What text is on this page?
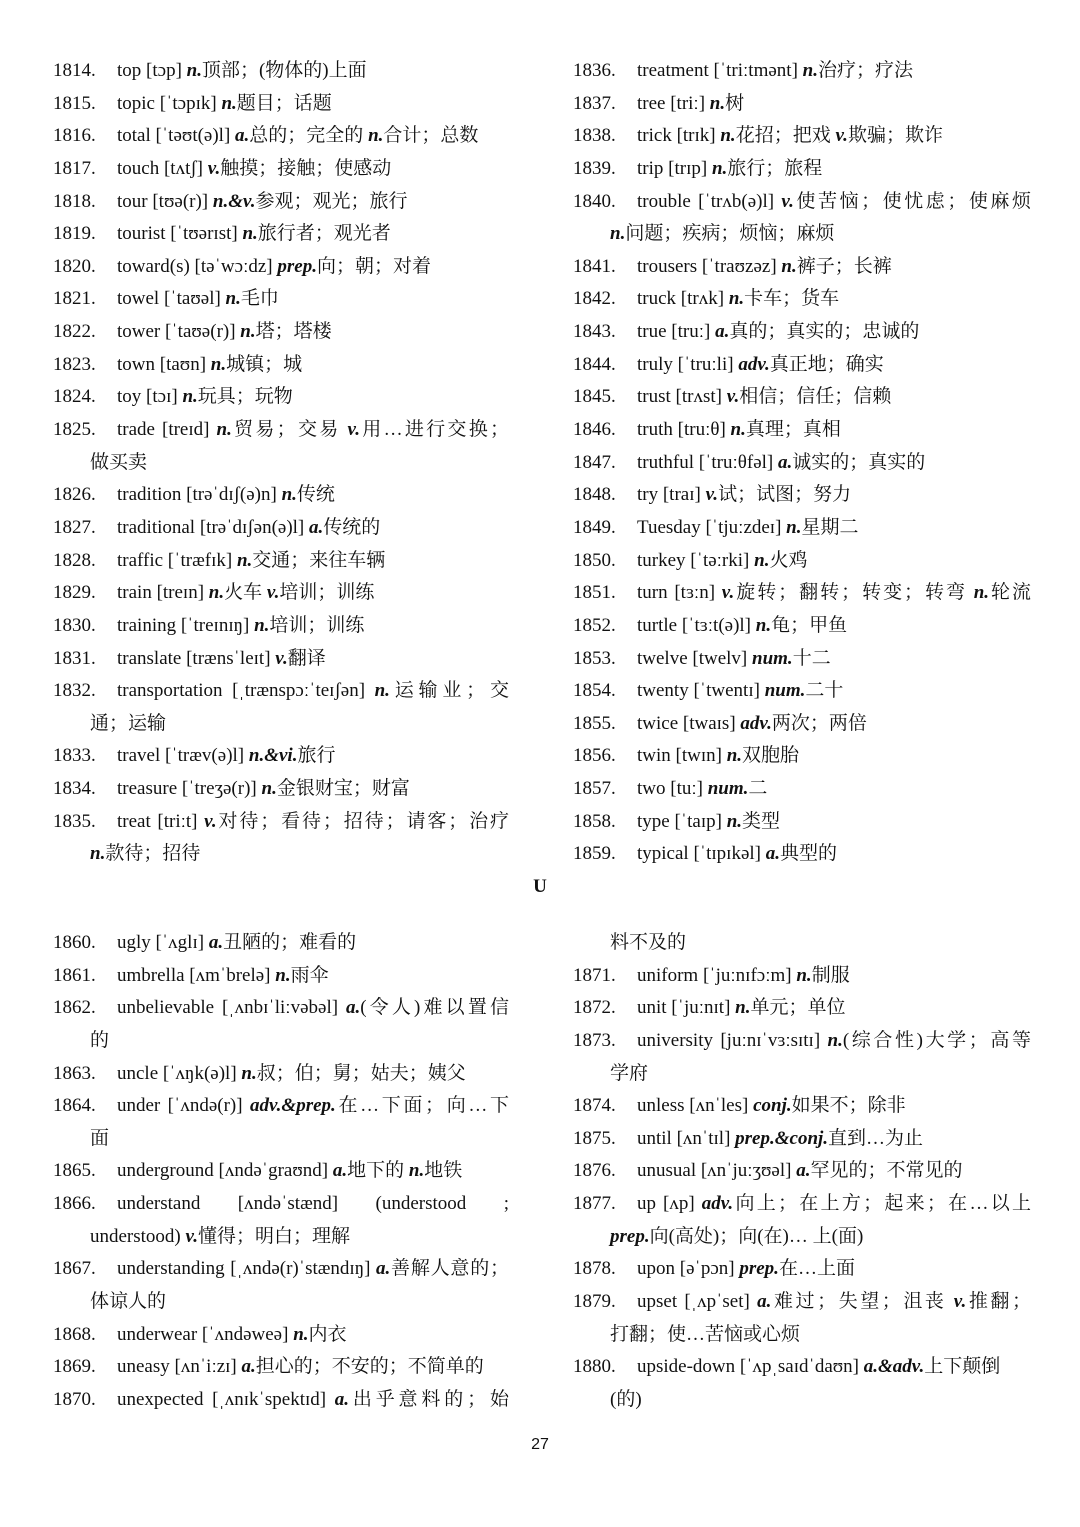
1814. top [tɔp] n.顶部；(物体的)上面
1815. topic [ˈtɔpɪk] n.题目；话题
1816. total [ˈtəʊt(ə)l] a.总的；完全的 n.合计；总数
1817. touch [tʌtʃ] v.触摸；接触；使感动
1818. tour [tʊə(r)] n.&v.参观；观光；旅行
1819. tourist [ˈtʊərɪst] n.旅行者；观光者
1820. toward(s) [təˈwɔːdz] prep.向；朝；对着
1821. towel [ˈtaʊəl] n.毛巾
1822. tower [ˈtaʊə(r)] n.塔；塔楼
1823. town [taʊn] n.城镇；城
1824. toy [tɔɪ] n.玩具；玩物
1825. trade [treɪd] n.贸易；交易 v.用…进行交换；
做买卖
1826. tradition [trəˈdɪʃ(ə)n] n.传统
1827. traditional [trəˈdɪʃən(ə)l] a.传统的
1828. traffic [ˈtræfɪk] n.交通；来往车辆
1829. train [treɪn] n.火车 v.培训；训练
1830. training [ˈtreɪnɪŋ] n.培训；训练
1831. translate [trænsˈleɪt] v.翻译
1832. transportation [ˌtrænspɔːˈteɪʃən] n.运输业；交
通；运输
1833. travel [ˈtræv(ə)l] n.&vi.旅行
1834. treasure [ˈtreʒə(r)] n.金银财宝；财富
1835. treat [triːt] v.对待；看待；招待；请客；治疗
n.款待；招待
1836. treatment [ˈtriːtmənt] n.治疗；疗法
1837. tree [triː] n.树
1838. trick [trɪk] n.花招；把戏 v.欺骗；欺诈
1839. trip [trɪp] n.旅行；旅程
1840. trouble [ˈtrʌb(ə)l] v.使苦恼；使忧虑；使麻烦
n.问题；疾病；烦恼；麻烦
1841. trousers [ˈtraʊzəz] n.裤子；长裤
1842. truck [trʌk] n.卡车；货车
1843. true [truː] a.真的；真实的；忠诚的
1844. truly [ˈtruːli] adv.真正地；确实
1845. trust [trʌst] v.相信；信任；信赖
1846. truth [truːθ] n.真理；真相
1847. truthful [ˈtruːθfəl] a.诚实的；真实的
1848. try [traɪ] v.试；试图；努力
1849. Tuesday [ˈtjuːzdeɪ] n.星期二
1850. turkey [ˈtəːrki] n.火鸡
1851. turn [tɜːn] v.旋转；翻转；转变；转弯 n.轮流
1852. turtle [ˈtɜːt(ə)l] n.龟；甲鱼
1853. twelve [twelv] num.十二
1854. twenty [ˈtwentɪ] num.二十
1855. twice [twaɪs] adv.两次；两倍
1856. twin [twɪn] n.双胞胎
1857. two [tuː] num.二
1858. type [ˈtaɪp] n.类型
1859. typical [ˈtɪpɪkəl] a.典型的
U
1860. ugly [ˈʌglɪ] a.丑陋的；难看的
1861. umbrella [ʌmˈbrelə] n.雨伞
1862. unbelievable [ˌʌnbɪˈliːvəbəl] a.(令人)难以置信
的
1863. uncle [ˈʌŋk(ə)l] n.叔；伯；舅；姑夫；姨父
1864. under [ˈʌndə(r)] adv.&prep.在…下面；向…下
面
1865. underground [ʌndəˈgraʊnd] a.地下的 n.地铁
1866. understand [ʌndəˈstænd] (understood ;
understood) v.懂得；明白；理解
1867. understanding [ˌʌndə(r)ˈstændɪŋ] a.善解人意的；
体谅人的
1868. underwear [ˈʌndəweə] n.内衣
1869. uneasy [ʌnˈiːzɪ] a.担心的；不安的；不简单的
1870. unexpected [ˌʌnɪkˈspektɪd] a.出乎意料的；始
料不及的
1871. uniform [ˈjuːnɪfɔːm] n.制服
1872. unit [ˈjuːnɪt] n.单元；单位
1873. university [juːnɪˈvɜːsɪtɪ] n.(综合性)大学；高等
学府
1874. unless [ʌnˈles] conj.如果不；除非
1875. until [ʌnˈtɪl] prep.&conj.直到…为止
1876. unusual [ʌnˈjuːʒʊəl] a.罕见的；不常见的
1877. up [ʌp] adv.向上；在上方；起来；在…以上
prep.向(高处)；向(在)… 上(面)
1878. upon [əˈpɔn] prep.在…上面
1879. upset [ˌʌpˈset] a.难过；失望；沮丧 v.推翻；
打翻；使…苦恼或心烦
1880. upside-down [ˈʌpˌsaɪdˈdaʊn] a.&adv.上下颠倒
(的)
27
